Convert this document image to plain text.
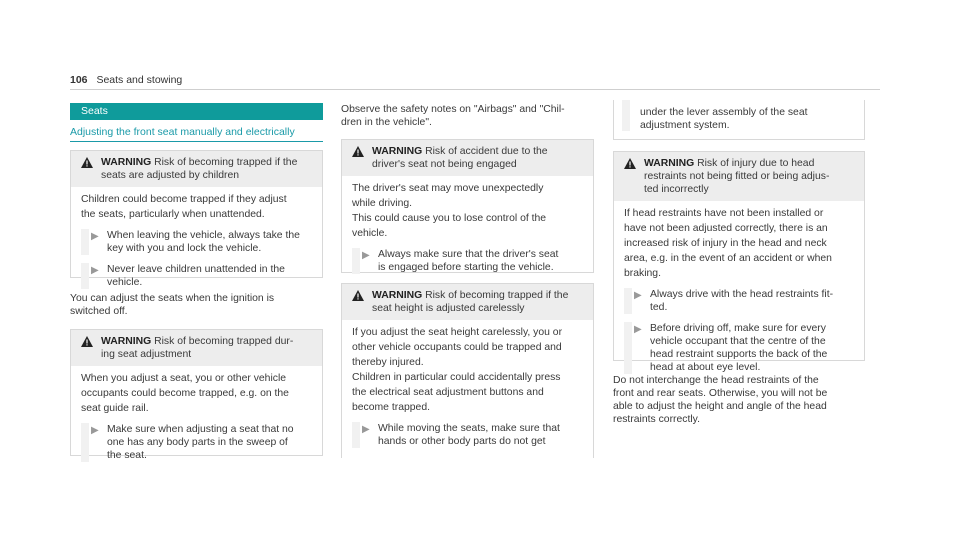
106 Seats and stowing
Seats
Adjusting the front seat manually and electrically
WARNING Risk of becoming trapped if the
seats are adjusted by children

Children could become trapped if they adjust

the seats, particularly when unattended.

▶ When leaving the vehicle, always take the
key with you and lock the vehicle.
▶ Never leave children unattended in the
vehicle.

You can adjust the seats when the ignition is

switched off.

WARNING Risk of becoming trapped dur-
ing seat adjustment

When you adjust a seat, you or other vehicle

occupants could become trapped, e.g. on the

seat guide rail.

▶ Make sure when adjusting a seat that no
one has any body parts in the sweep of
the seat.

Observe the safety notes on "Airbags" and "Chil-

dren in the vehicle".

WARNING Risk of accident due to the
driver's seat not being engaged

The driver's seat may move unexpectedly

while driving.

This could cause you to lose control of the

vehicle.

▶ Always make sure that the driver's seat
is engaged before starting the vehicle.
WARNING Risk of becoming trapped if the
seat height is adjusted carelessly

If you adjust the seat height carelessly, you or

other vehicle occupants could be trapped and

thereby injured.

Children in particular could accidentally press

the electrical seat adjustment buttons and

become trapped.

▶ While moving the seats, make sure that
hands or other body parts do not get
under the lever assembly of the seat
adjustment system.
WARNING Risk of injury due to head
restraints not being fitted or being adjus-
ted incorrectly

If head restraints have not been installed or

have not been adjusted correctly, there is an

increased risk of injury in the head and neck

area, e.g. in the event of an accident or when

braking.

▶ Always drive with the head restraints fit-
ted.
▶ Before driving off, make sure for every
vehicle occupant that the centre of the
head restraint supports the back of the
head at about eye level.

Do not interchange the head restraints of the

front and rear seats. Otherwise, you will not be

able to adjust the height and angle of the head

restraints correctly.
